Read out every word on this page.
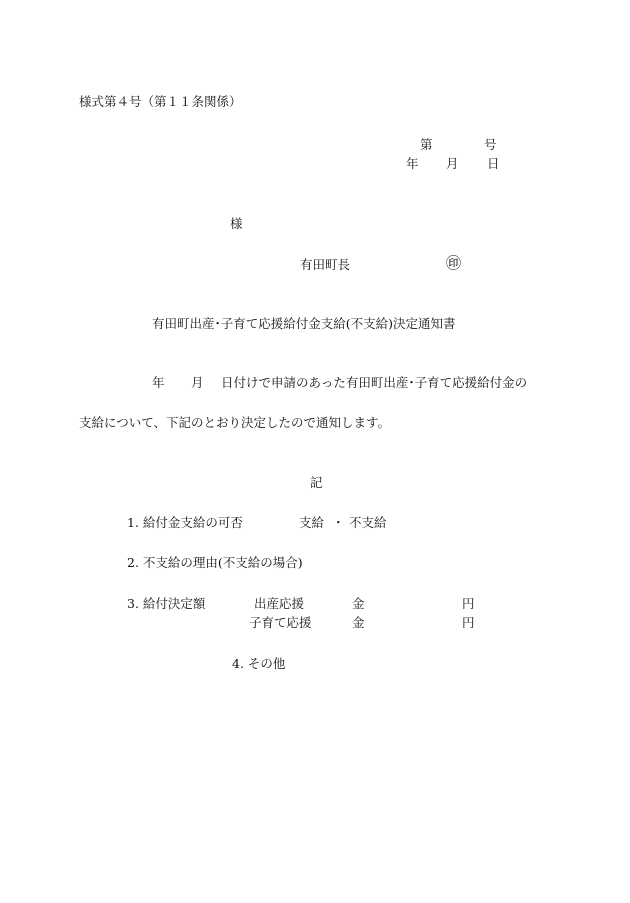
様式第４号（第１１条関係）
第	号
年 月 日
様
有田町長	㊞
有田町出産･子育て応援給付金支給(不支給)決定通知書
年 月 日付けで申請のあった有田町出産･子育て応援給付金の
支給について、下記のとおり決定したので通知します。
記
1. 給付金支給の可否	支給 ・ 不支給
2. 不支給の理由(不支給の場合)
3. 給付決定額	出産応援	金	円
子育て応援	金	円
4. その他
